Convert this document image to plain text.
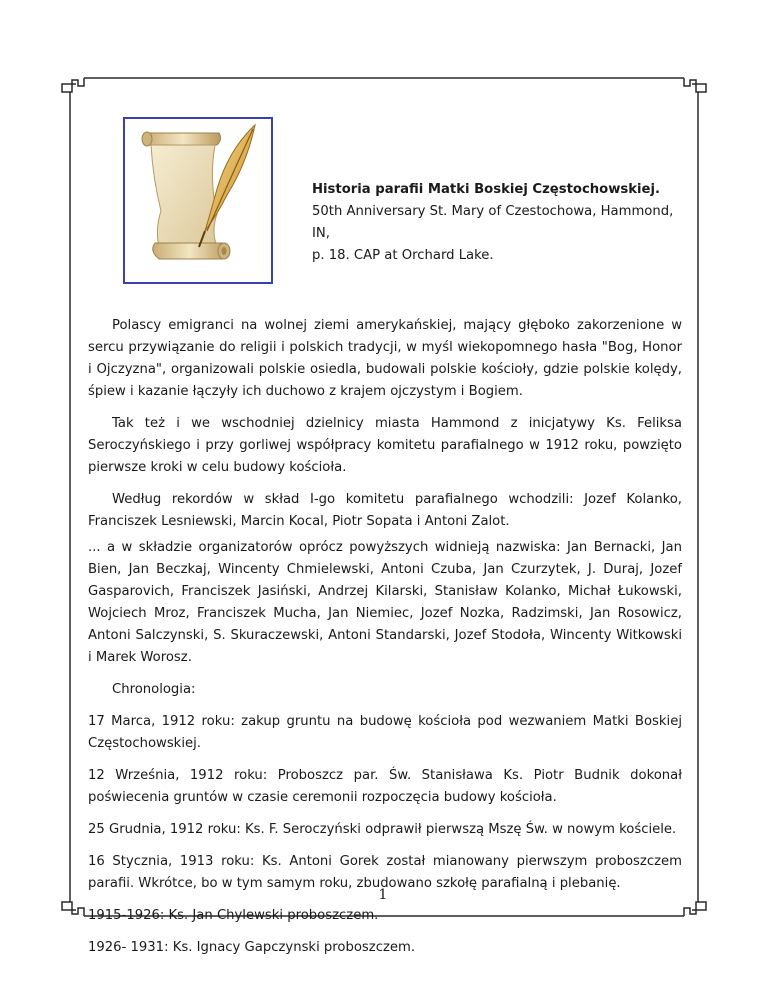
Historia parafii Matki Boskiej Częstochowskiej.
50th Anniversary St. Mary of Czestochowa, Hammond, IN,
p. 18. CAP at Orchard Lake.

Polascy emigranci na wolnej ziemi amerykańskiej, mający głęboko zakorzenione w sercu przywiązanie do religii i polskich tradycji, w myśl wiekopomnego hasła "Bog, Honor i Ojczyzna", organizowali polskie osiedla, budowali polskie kościoły, gdzie polskie kolędy, śpiew i kazanie łączyły ich duchowo z krajem ojczystym i Bogiem.

Tak też i we wschodniej dzielnicy miasta Hammond z inicjatywy Ks. Feliksa Seroczyńskiego i przy gorliwej współpracy komitetu parafialnego w 1912 roku, powzięto pierwsze kroki w celu budowy kościoła.

Według rekordów w skład I-go komitetu parafialnego wchodzili: Jozef Kolanko, Franciszek Lesniewski, Marcin Kocal, Piotr Sopata i Antoni Zalot.

... a w składzie organizatorów oprócz powyższych widnieją nazwiska: Jan Bernacki, Jan Bien, Jan Beczkaj, Wincenty Chmielewski, Antoni Czuba, Jan Czurzytek, J. Duraj, Jozef Gasparovich, Franciszek Jasiński, Andrzej Kilarski, Stanisław Kolanko, Michał Łukowski, Wojciech Mroz, Franciszek Mucha, Jan Niemiec, Jozef Nozka, Radzimski, Jan Rosowicz, Antoni Salczynski, S. Skuraczewski, Antoni Standarski, Jozef Stodoła, Wincenty Witkowski i Marek Worosz.

Chronologia:

17 Marca, 1912 roku: zakup gruntu na budowę kościoła pod wezwaniem Matki Boskiej Częstochowskiej.

12 Września, 1912 roku: Proboszcz par. Św. Stanisława Ks. Piotr Budnik dokonał poświecenia gruntów w czasie ceremonii rozpoczęcia budowy kościoła.

25 Grudnia, 1912 roku: Ks. F. Seroczyński odprawił pierwszą Mszę Św. w nowym kościele.

16 Stycznia, 1913 roku: Ks. Antoni Gorek został mianowany pierwszym proboszczem parafii. Wkrótce, bo w tym samym roku, zbudowano szkołę parafialną i plebanię.

1915-1926: Ks. Jan Chylewski proboszczem.

1926- 1931: Ks. Ignacy Gapczynski proboszczem.

1
